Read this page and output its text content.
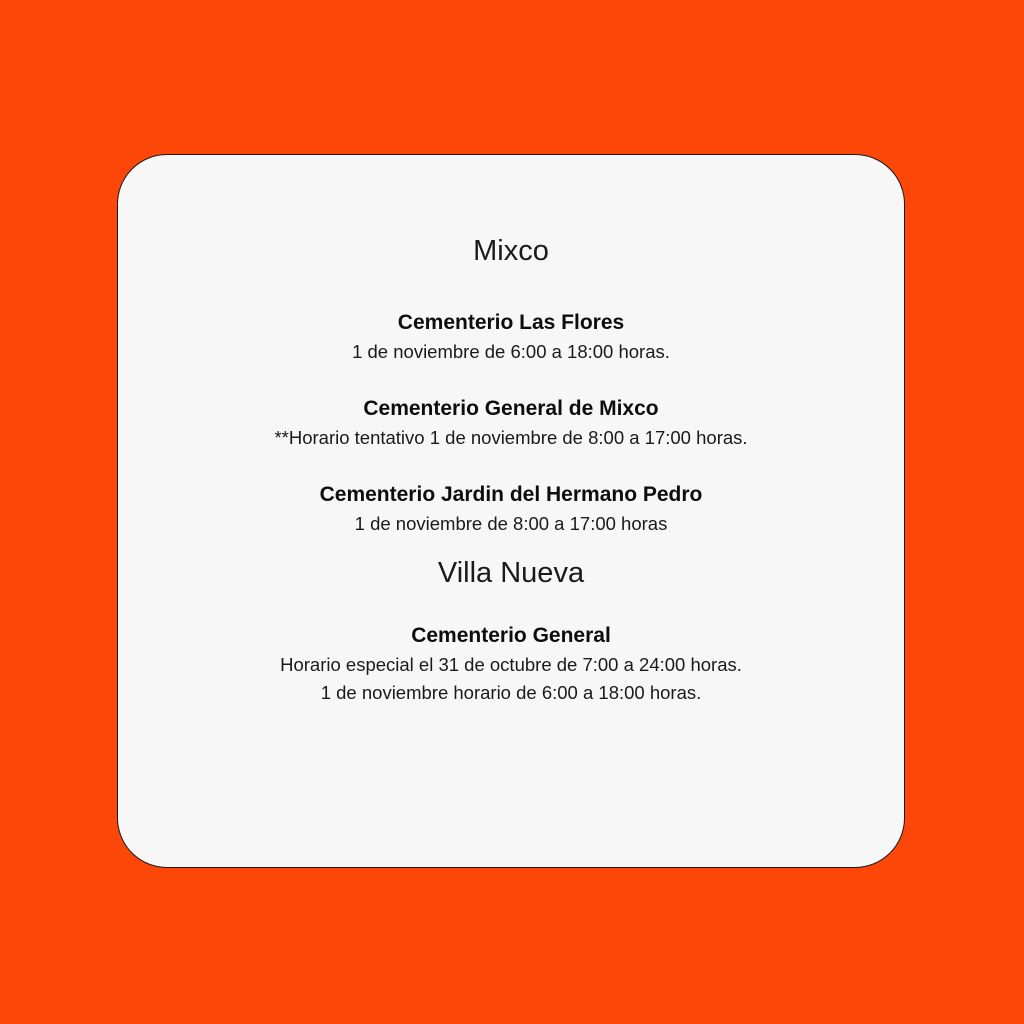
Mixco
Cementerio Las Flores
1 de noviembre de 6:00 a 18:00 horas.
Cementerio General de Mixco
**Horario tentativo 1 de noviembre de 8:00 a 17:00 horas.
Cementerio Jardin del Hermano Pedro
1 de noviembre de 8:00 a 17:00 horas
Villa Nueva
Cementerio General
Horario especial el 31 de octubre de 7:00 a 24:00 horas.
1 de noviembre horario de 6:00 a 18:00 horas.
